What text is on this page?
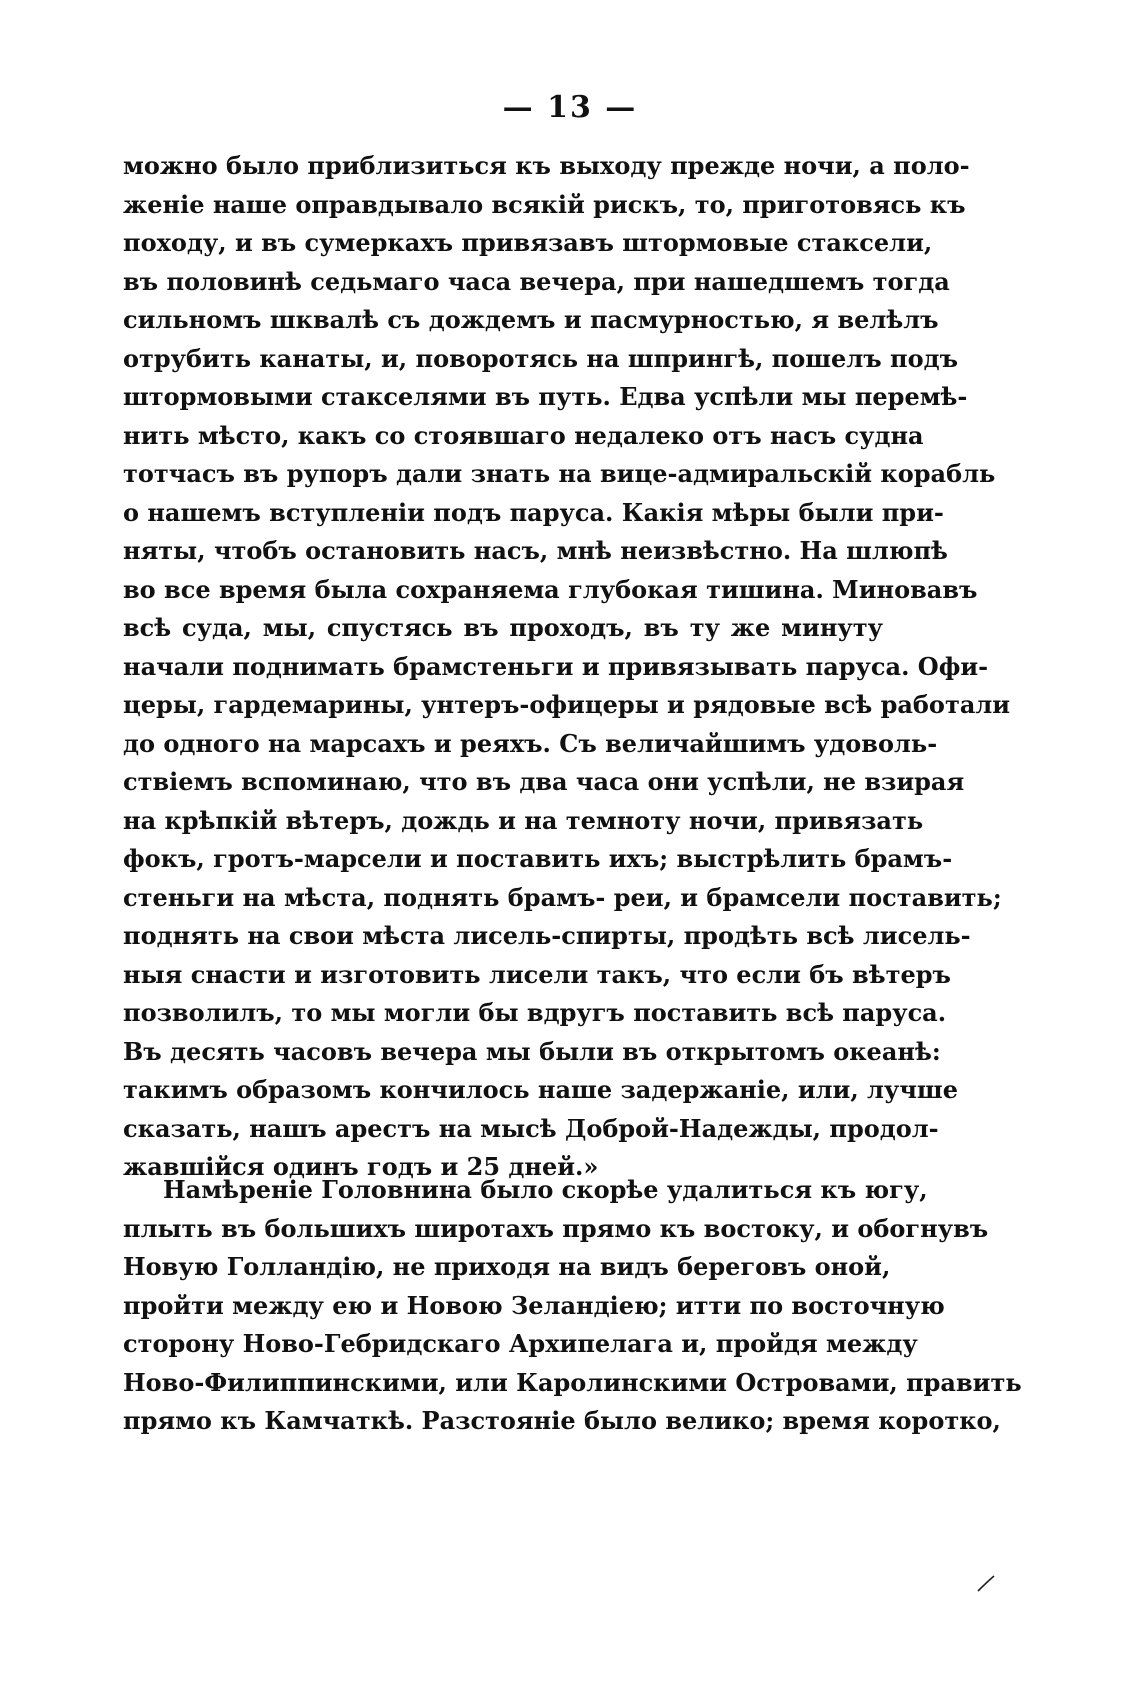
— 13 —
можно было приблизиться къ выходу прежде ночи, а поло-
женіе наше оправдывало всякій рискъ, то, приготовясь къ
походу, и въ сумеркахъ привязавъ штормовые стаксели,
въ половинѣ седьмаго часа вечера, при нашедшемъ тогда
сильномъ шквалѣ съ дождемъ и пасмурностью, я велѣлъ
отрубить канаты, и, поворотясь на шпрингѣ, пошелъ подъ
штормовыми стакселями въ путь. Едва успѣли мы перемѣ-
нить мѣсто, какъ со стоявшаго недалеко отъ насъ судна
тотчасъ въ рупоръ дали знать на вице-адмиральскій корабль
о нашемъ вступленіи подъ паруса. Какія мѣры были при-
няты, чтобъ остановить насъ, мнѣ неизвѣстно. На шлюпѣ
во все время была сохраняема глубокая тишина. Миновавъ
всѣ суда, мы, спустясь въ проходъ, въ ту же минуту
начали поднимать брамстеньги и привязывать паруса. Офи-
церы, гардемарины, унтеръ-офицеры и рядовые всѣ работали
до одного на марсахъ и реяхъ. Съ величайшимъ удоволь-
ствіемъ вспоминаю, что въ два часа они успѣли, не взирая
на крѣпкій вѣтеръ, дождь и на темноту ночи, привязать
фокъ, гротъ-марсели и поставить ихъ; выстрѣлить брамъ-
стеньги на мѣста, поднять брамъ- реи, и брамсели поставить;
поднять на свои мѣста лисель-спирты, продѣть всѣ лисель-
ныя снасти и изготовить лисели такъ, что если бъ вѣтеръ
позволилъ, то мы могли бы вдругъ поставить всѣ паруса.
Въ десять часовъ вечера мы были въ открытомъ океанѣ:
такимъ образомъ кончилось наше задержаніе, или, лучше
сказать, нашъ арестъ на мысѣ Доброй-Надежды, продол-
жавшійся одинъ годъ и 25 дней.»
Намѣреніе Головнина было скорѣе удалиться къ югу,
плыть въ большихъ широтахъ прямо къ востоку, и обогнувъ
Новую Голландію, не приходя на видъ береговъ оной,
пройти между ею и Новою Зеландіею; итти по восточную
сторону Ново-Гебридскаго Архипелага и, пройдя между
Ново-Филиппинскими, или Каролинскими Островами, править
прямо къ Камчаткѣ. Разстояніе было велико; время коротко,
